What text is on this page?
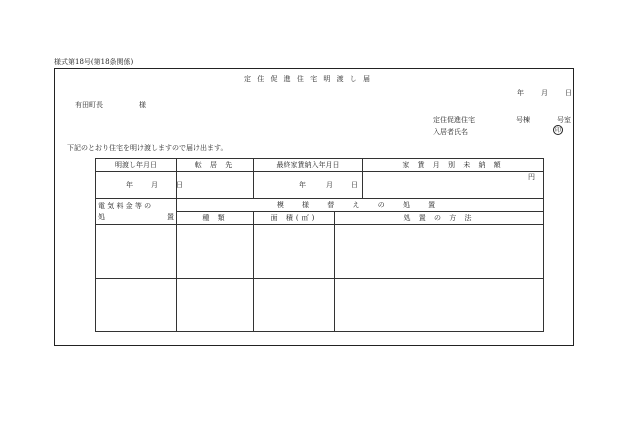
様式第18号(第18条関係)
定 住 促 進 住 宅 明 渡 し 届
年 月 日
有田町長	様
定住促進住宅	号棟	号室
入居者氏名	印
下記のとおり住宅を明け渡しますので届け出ます。
明渡し年月日	転 居 先	最終家賃納入年月日		家 賃 月 別 未 納 額

年 月 日		年 月 日		円

電 気 料 金 等 の
処 置	模 様 替 え の 処 置			
	種 類	面 積(㎡)	処 置 の 方 法	
